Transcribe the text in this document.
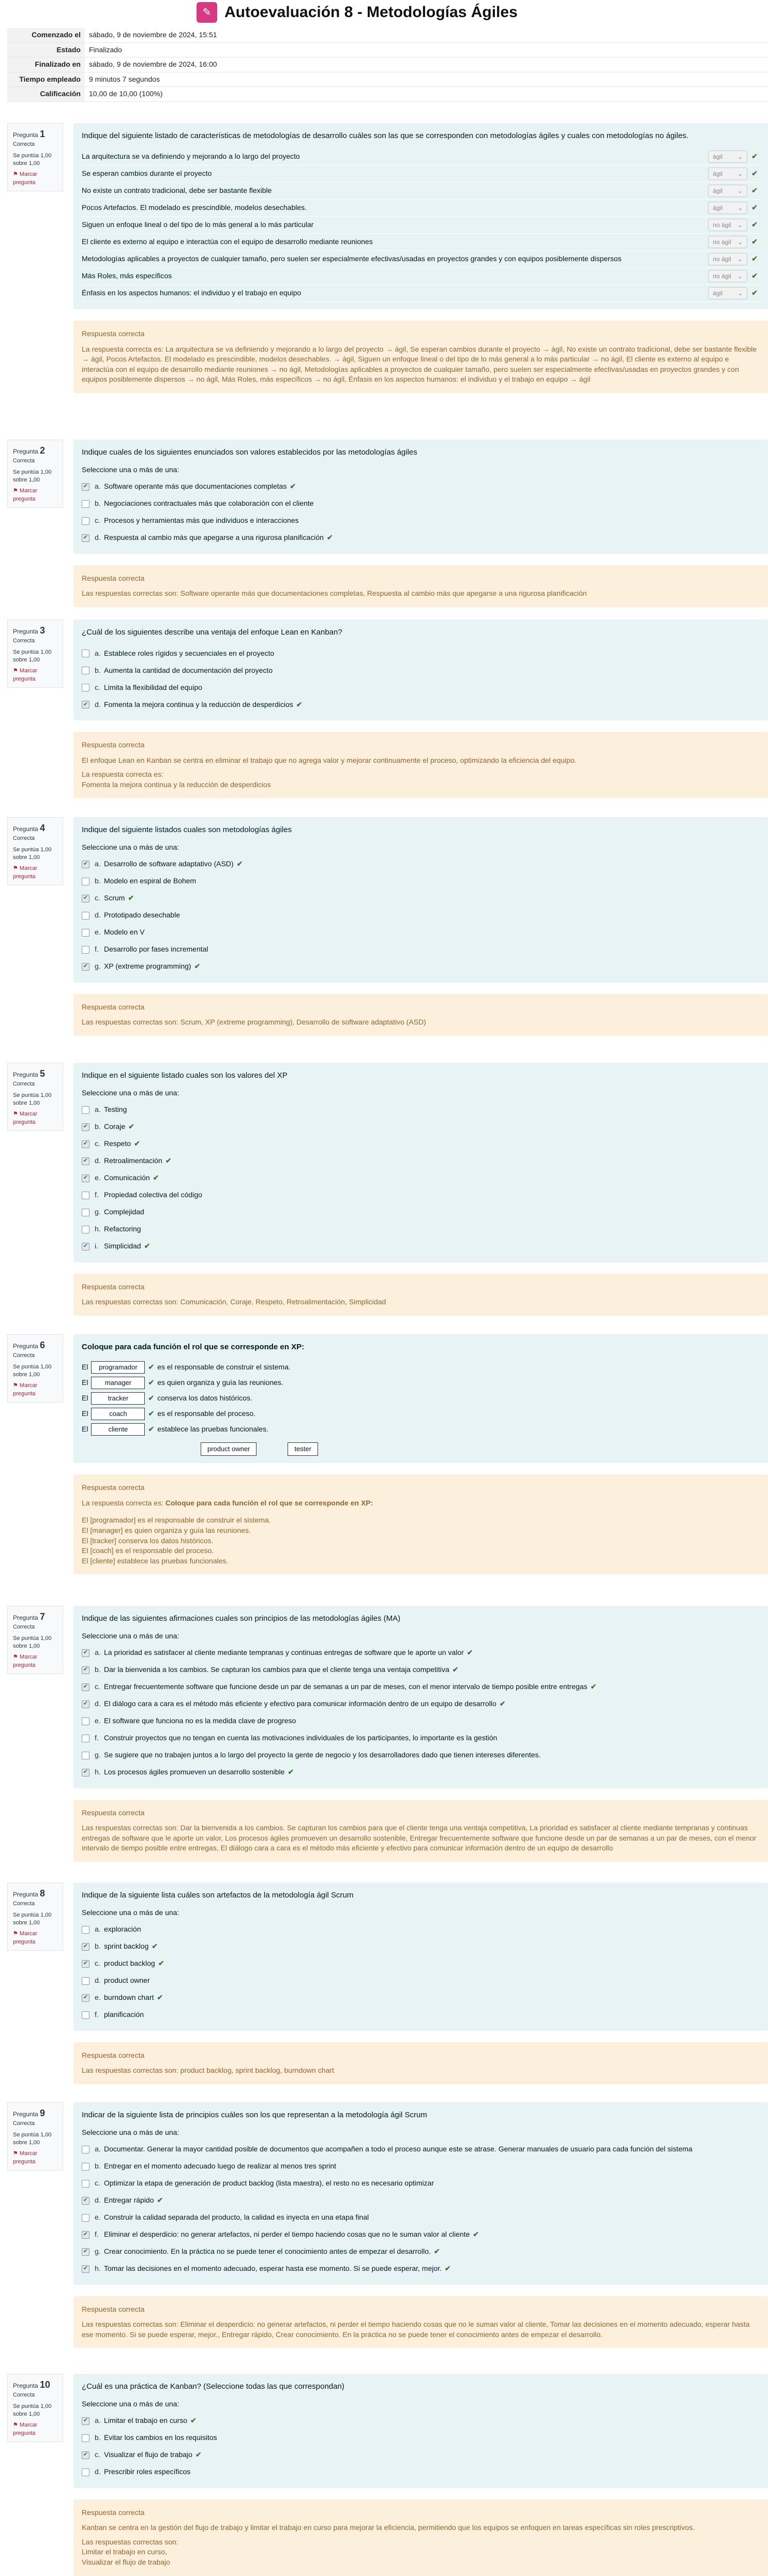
✎ Autoevaluación 8 - Metodologías Ágiles
Comenzado el	sábado, 9 de noviembre de 2024, 15:51
Estado	Finalizado
Finalizado en	sábado, 9 de noviembre de 2024, 16:00
Tiempo empleado	9 minutos 7 segundos
Calificación	10,00 de 10,00 (100%)
Pregunta 1
Correcta
Se puntúa 1,00 sobre 1,00
⚑ Marcar pregunta
Indique del siguiente listado de características de metodologías de desarrollo cuáles son las que se corresponden con metodologías ágiles y cuales con metodologías no ágiles.
La arquitectura se va definiendo y mejorando a lo largo del proyecto	ágil ⌄ ✔
Se esperan cambios durante el proyecto	ágil ⌄ ✔
No existe un contrato tradicional, debe ser bastante flexible	ágil ⌄ ✔
Pocos Artefactos. El modelado es prescindible, modelos desechables.	ágil ⌄ ✔
Siguen un enfoque lineal o del tipo de lo más general a lo más particular	no ágil ⌄ ✔
El cliente es externo al equipo e interactúa con el equipo de desarrollo mediante reuniones	no ágil ⌄ ✔
Metodologías aplicables a proyectos de cualquier tamaño, pero suelen ser especialmente efectivas/usadas en proyectos grandes y con equipos posiblemente dispersos	no ágil ⌄ ✔
Más Roles, más específicos	no ágil ⌄ ✔
Énfasis en los aspectos humanos: el individuo y el trabajo en equipo	ágil ⌄ ✔
Respuesta correcta
La respuesta correcta es: La arquitectura se va definiendo y mejorando a lo largo del proyecto → ágil, Se esperan cambios durante el proyecto → ágil, No existe un contrato tradicional, debe ser bastante flexible → ágil, Pocos Artefactos. El modelado es prescindible, modelos desechables. → ágil, Siguen un enfoque lineal o del tipo de lo más general a lo más particular → no ágil, El cliente es externo al equipo e interactúa con el equipo de desarrollo mediante reuniones → no ágil, Metodologías aplicables a proyectos de cualquier tamaño, pero suelen ser especialmente efectivas/usadas en proyectos grandes y con equipos posiblemente dispersos → no ágil, Más Roles, más específicos → no ágil, Énfasis en los aspectos humanos: el individuo y el trabajo en equipo → ágil
Pregunta 2
Correcta
Se puntúa 1,00 sobre 1,00
⚑ Marcar pregunta
Indique cuales de los siguientes enunciados son valores establecidos por las metodologías ágiles
Seleccione una o más de una:
✔ a. Software operante más que documentaciones completas ✔
b. Negociaciones contractuales más que colaboración con el cliente
c. Procesos y herramientas más que individuos e interacciones
✔ d. Respuesta al cambio más que apegarse a una rigurosa planificación ✔
Respuesta correcta
Las respuestas correctas son: Software operante más que documentaciones completas, Respuesta al cambio más que apegarse a una rigurosa planificación
Pregunta 3
Correcta
Se puntúa 1,00 sobre 1,00
⚑ Marcar pregunta
¿Cuál de los siguientes describe una ventaja del enfoque Lean en Kanban?
a. Establece roles rígidos y secuenciales en el proyecto
b. Aumenta la cantidad de documentación del proyecto
c. Limita la flexibilidad del equipo
✔ d. Fomenta la mejora continua y la reducción de desperdicios ✔
Respuesta correcta
El enfoque Lean en Kanban se centra en eliminar el trabajo que no agrega valor y mejorar continuamente el proceso, optimizando la eficiencia del equipo.
La respuesta correcta es:
Fomenta la mejora continua y la reducción de desperdicios
Pregunta 4
Correcta
Se puntúa 1,00 sobre 1,00
⚑ Marcar pregunta
Indique del siguiente listados cuales son metodologías ágiles
Seleccione una o más de una:
✔ a. Desarrollo de software adaptativo (ASD) ✔
b. Modelo en espiral de Bohem
✔ c. Scrum ✔
d. Prototipado desechable
e. Modelo en V
f. Desarrollo por fases incremental
✔ g. XP (extreme programming) ✔
Respuesta correcta
Las respuestas correctas son: Scrum, XP (extreme programming), Desarrollo de software adaptativo (ASD)
Pregunta 5
Correcta
Se puntúa 1,00 sobre 1,00
⚑ Marcar pregunta
Indique en el siguiente listado cuales son los valores del XP
Seleccione una o más de una:
a. Testing
✔ b. Coraje ✔
✔ c. Respeto ✔
✔ d. Retroalimentación ✔
✔ e. Comunicación ✔
f. Propiedad colectiva del código
g. Complejidad
h. Refactoring
✔ i. Simplicidad ✔
Respuesta correcta
Las respuestas correctas son: Comunicación, Coraje, Respeto, Retroalimentación, Simplicidad
Pregunta 6
Correcta
Se puntúa 1,00 sobre 1,00
⚑ Marcar pregunta
Coloque para cada función el rol que se corresponde en XP:
El	programador	✔ es el responsable de construir el sistema.
El	manager	✔ es quien organiza y guía las reuniones.
El	tracker	✔ conserva los datos históricos.
El	coach	✔ es el responsable del proceso.
El	cliente	✔ establece las pruebas funcionales.
product owner	tester
Respuesta correcta
La respuesta correcta es: Coloque para cada función el rol que se corresponde en XP:
El [programador] es el responsable de construir el sistema.
El [manager] es quien organiza y guía las reuniones.
El [tracker] conserva los datos históricos.
El [coach] es el responsable del proceso.
El [cliente] establece las pruebas funcionales.
Pregunta 7
Correcta
Se puntúa 1,00 sobre 1,00
⚑ Marcar pregunta
Indique de las siguientes afirmaciones cuales son principios de las metodologías ágiles (MA)
Seleccione una o más de una:
✔ a. La prioridad es satisfacer al cliente mediante tempranas y continuas entregas de software que le aporte un valor ✔
✔ b. Dar la bienvenida a los cambios. Se capturan los cambios para que el cliente tenga una ventaja competitiva ✔
✔ c. Entregar frecuentemente software que funcione desde un par de semanas a un par de meses, con el menor intervalo de tiempo posible entre entregas ✔
✔ d. El diálogo cara a cara es el método más eficiente y efectivo para comunicar información dentro de un equipo de desarrollo ✔
e. El software que funciona no es la medida clave de progreso
f. Construir proyectos que no tengan en cuenta las motivaciones individuales de los participantes, lo importante es la gestión
g. Se sugiere que no trabajen juntos a lo largo del proyecto la gente de negocio y los desarrolladores dado que tienen intereses diferentes.
✔ h. Los procesos ágiles promueven un desarrollo sostenible ✔
Respuesta correcta
Las respuestas correctas son: Dar la bienvenida a los cambios. Se capturan los cambios para que el cliente tenga una ventaja competitiva, La prioridad es satisfacer al cliente mediante tempranas y continuas entregas de software que le aporte un valor, Los procesos ágiles promueven un desarrollo sostenible, Entregar frecuentemente software que funcione desde un par de semanas a un par de meses, con el menor intervalo de tiempo posible entre entregas, El diálogo cara a cara es el método más eficiente y efectivo para comunicar información dentro de un equipo de desarrollo
Pregunta 8
Correcta
Se puntúa 1,00 sobre 1,00
⚑ Marcar pregunta
Indique de la siguiente lista cuáles son artefactos de la metodología ágil Scrum
Seleccione una o más de una:
a. exploración
✔ b. sprint backlog ✔
✔ c. product backlog ✔
d. product owner
✔ e. burndown chart ✔
f. planificación
Respuesta correcta
Las respuestas correctas son: product backlog, sprint backlog, burndown chart
Pregunta 9
Correcta
Se puntúa 1,00 sobre 1,00
⚑ Marcar pregunta
Indicar de la siguiente lista de principios cuáles son los que representan a la metodología ágil Scrum
Seleccione una o más de una:
a. Documentar. Generar la mayor cantidad posible de documentos que acompañen a todo el proceso aunque este se atrase. Generar manuales de usuario para cada función del sistema
b. Entregar en el momento adecuado luego de realizar al menos tres sprint
c. Optimizar la etapa de generación de product backlog (lista maestra), el resto no es necesario optimizar
✔ d. Entregar rápido ✔
e. Construir la calidad separada del producto, la calidad es inyecta en una etapa final
✔ f. Eliminar el desperdicio: no generar artefactos, ni perder el tiempo haciendo cosas que no le suman valor al cliente ✔
✔ g. Crear conocimiento. En la práctica no se puede tener el conocimiento antes de empezar el desarrollo. ✔
✔ h. Tomar las decisiones en el momento adecuado, esperar hasta ese momento. Si se puede esperar, mejor. ✔
Respuesta correcta
Las respuestas correctas son: Eliminar el desperdicio: no generar artefactos, ni perder el tiempo haciendo cosas que no le suman valor al cliente, Tomar las decisiones en el momento adecuado, esperar hasta ese momento. Si se puede esperar, mejor., Entregar rápido, Crear conocimiento. En la práctica no se puede tener el conocimiento antes de empezar el desarrollo.
Pregunta 10
Correcta
Se puntúa 1,00 sobre 1,00
⚑ Marcar pregunta
¿Cuál es una práctica de Kanban? (Seleccione todas las que correspondan)
Seleccione una o más de una:
✔ a. Limitar el trabajo en curso ✔
b. Evitar los cambios en los requisitos
✔ c. Visualizar el flujo de trabajo ✔
d. Prescribir roles específicos
Respuesta correcta
Kanban se centra en la gestión del flujo de trabajo y limitar el trabajo en curso para mejorar la eficiencia, permitiendo que los equipos se enfoquen en tareas específicas sin roles prescriptivos.
Las respuestas correctas son:
Limitar el trabajo en curso,
Visualizar el flujo de trabajo
